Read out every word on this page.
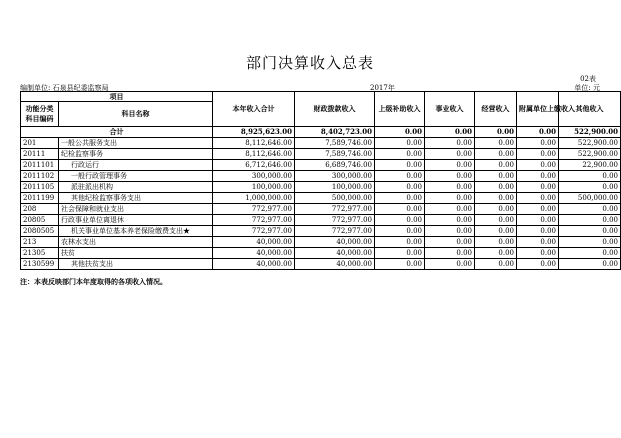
部门决算收入总表
02表
编制单位: 石泉县纪委监察局	2017年	单位: 元
项目		本年收入合计	财政拨款收入	上级补助收入	事业收入	经营收入	附属单位上缴收入	其他收入
功能分类科目编码	科目名称							
合计		8,925,623.00	8,402,723.00	0.00	0.00	0.00	0.00	522,900.00
201	一般公共服务支出	8,112,646.00	7,589,746.00	0.00	0.00	0.00	0.00	522,900.00
20111	纪检监察事务	8,112,646.00	7,589,746.00	0.00	0.00	0.00	0.00	522,900.00
2011101	行政运行	6,712,646.00	6,689,746.00	0.00	0.00	0.00	0.00	22,900.00
2011102	一般行政管理事务	300,000.00	300,000.00	0.00	0.00	0.00	0.00	0.00
2011105	派驻派出机构	100,000.00	100,000.00	0.00	0.00	0.00	0.00	0.00
2011199	其他纪检监察事务支出	1,000,000.00	500,000.00	0.00	0.00	0.00	0.00	500,000.00
208	社会保障和就业支出	772,977.00	772,977.00	0.00	0.00	0.00	0.00	0.00
20805	行政事业单位离退休	772,977.00	772,977.00	0.00	0.00	0.00	0.00	0.00
2080505	机关事业单位基本养老保险缴费支出★	772,977.00	772,977.00	0.00	0.00	0.00	0.00	0.00
213	农林水支出	40,000.00	40,000.00	0.00	0.00	0.00	0.00	0.00
21305	扶贫	40,000.00	40,000.00	0.00	0.00	0.00	0.00	0.00
2130599	其他扶贫支出	40,000.00	40,000.00	0.00	0.00	0.00	0.00	0.00
注：本表反映部门本年度取得的各项收入情况。
